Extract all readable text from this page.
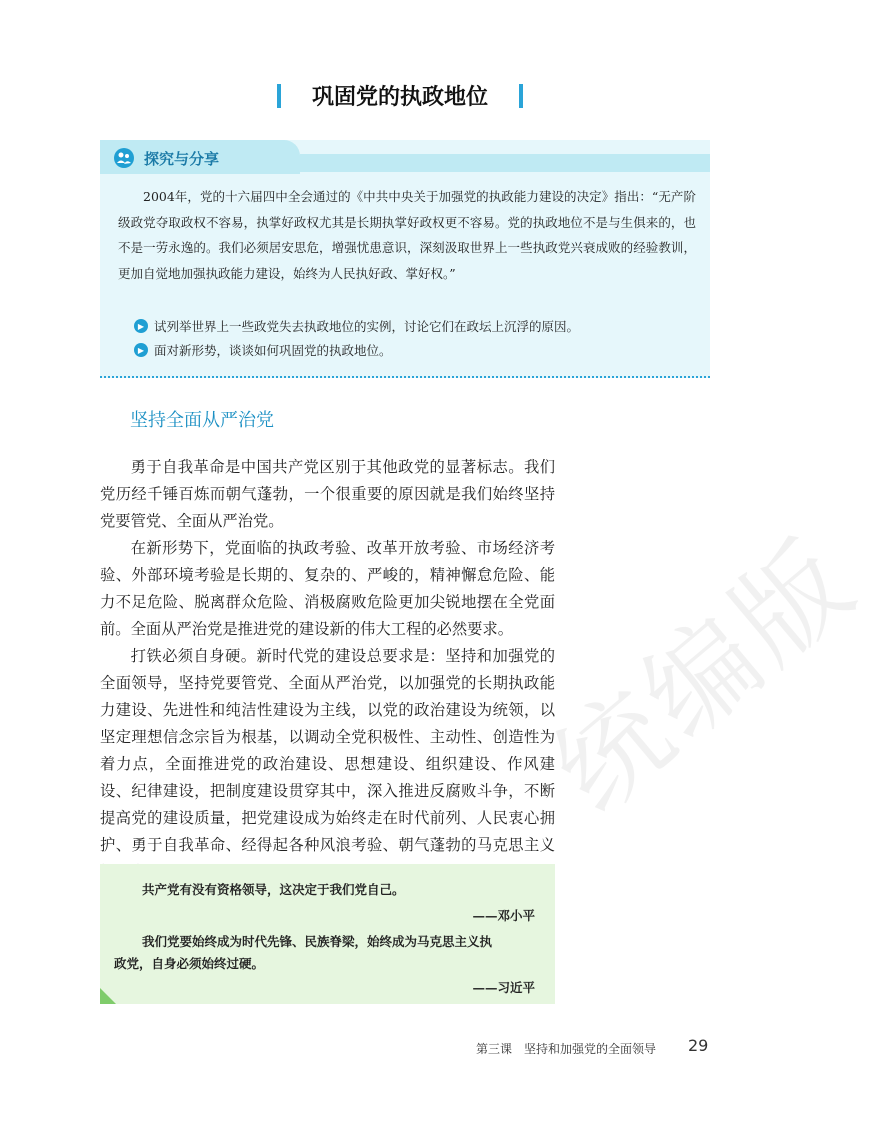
巩固党的执政地位
探究与分享
2004年，党的十六届四中全会通过的《中共中央关于加强党的执政能力建设的决定》指出：“无产阶级政党夺取政权不容易，执掌好政权尤其是长期执掌好政权更不容易。党的执政地位不是与生俱来的，也不是一劳永逸的。我们必须居安思危，增强忧患意识，深刻汲取世界上一些执政党兴衰成败的经验教训，更加自觉地加强执政能力建设，始终为人民执好政、掌好权。”
▶ 试列举世界上一些政党失去执政地位的实例，讨论它们在政坛上沉浮的原因。
▶ 面对新形势，谈谈如何巩固党的执政地位。
坚持全面从严治党

勇于自我革命是中国共产党区别于其他政党的显著标志。我们党历经千锤百炼而朝气蓬勃，一个很重要的原因就是我们始终坚持党要管党、全面从严治党。

在新形势下，党面临的执政考验、改革开放考验、市场经济考验、外部环境考验是长期的、复杂的、严峻的，精神懈怠危险、能力不足危险、脱离群众危险、消极腐败危险更加尖锐地摆在全党面前。全面从严治党是推进党的建设新的伟大工程的必然要求。

打铁必须自身硬。新时代党的建设总要求是：坚持和加强党的全面领导，坚持党要管党、全面从严治党，以加强党的长期执政能力建设、先进性和纯洁性建设为主线，以党的政治建设为统领，以坚定理想信念宗旨为根基，以调动全党积极性、主动性、创造性为着力点，全面推进党的政治建设、思想建设、组织建设、作风建设、纪律建设，把制度建设贯穿其中，深入推进反腐败斗争，不断提高党的建设质量，把党建设成为始终走在时代前列、人民衷心拥护、勇于自我革命、经得起各种风浪考验、朝气蓬勃的马克思主义

共产党有没有资格领导，这决定于我们党自己。
——邓小平
我们党要始终成为时代先锋、民族脊梁，始终成为马克思主义执
政党，自身必须始终过硬。
——习近平
统编版
第三课　坚持和加强党的全面领导 29
